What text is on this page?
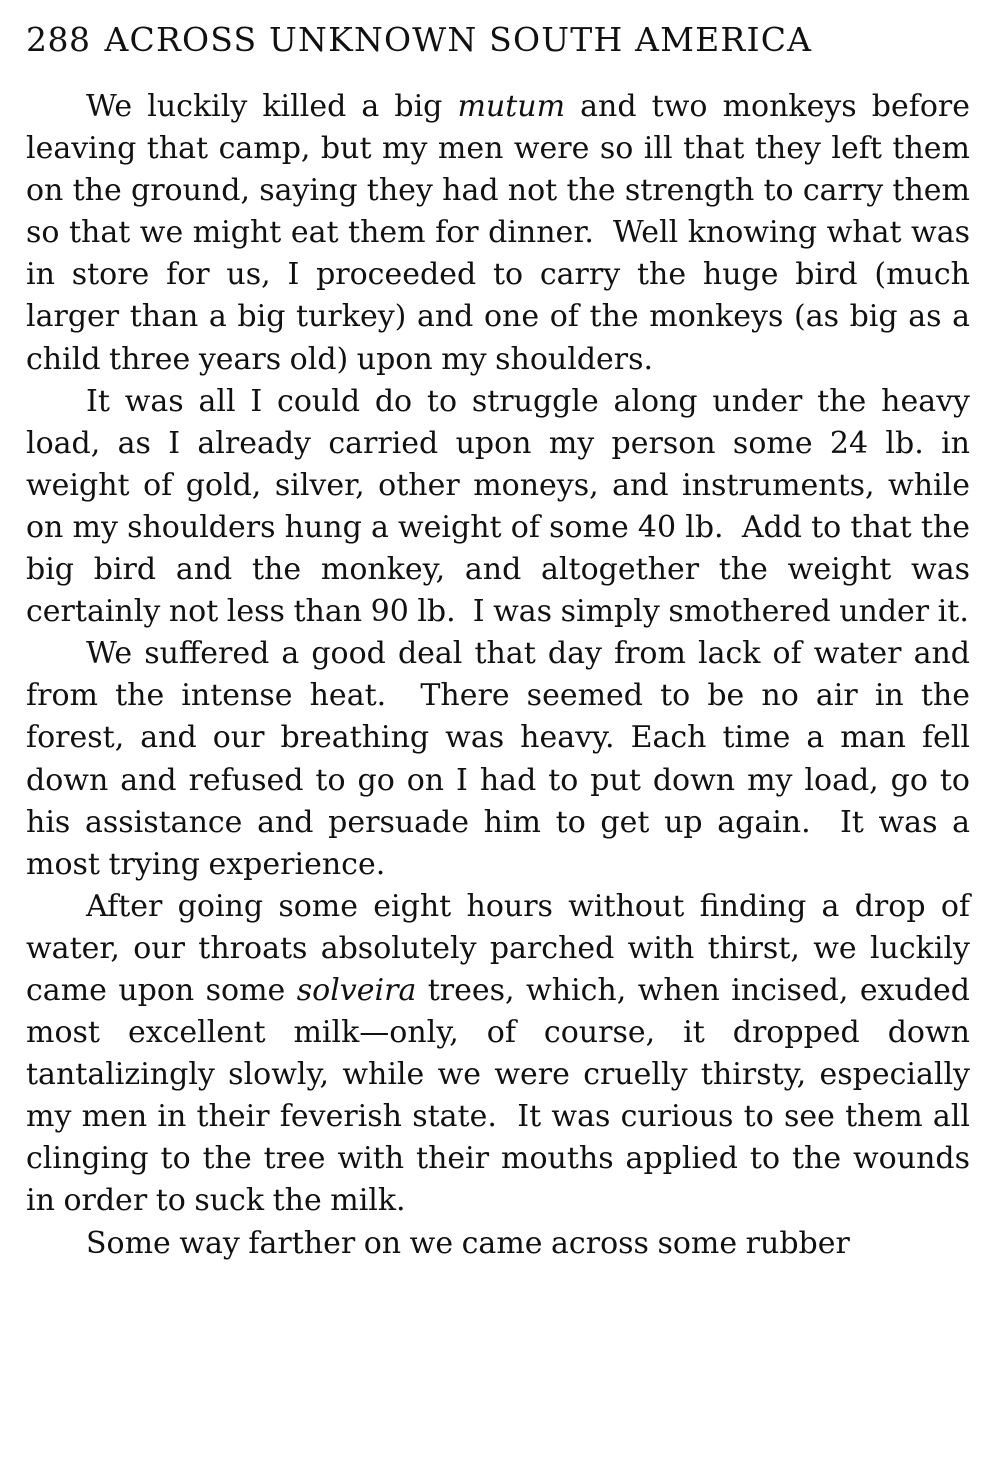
288 ACROSS UNKNOWN SOUTH AMERICA

We luckily killed a big mutum and two monkeys before leaving that camp, but my men were so ill that they left them on the ground, saying they had not the strength to carry them so that we might eat them for dinner.  Well knowing what was in store for us, I proceeded to carry the huge bird (much larger than a big turkey) and one of the monkeys (as big as a child three years old) upon my shoulders.

It was all I could do to struggle along under the heavy load, as I already carried upon my person some 24 lb. in weight of gold, silver, other moneys, and instruments, while on my shoulders hung a weight of some 40 lb.  Add to that the big bird and the monkey, and altogether the weight was certainly not less than 90 lb.  I was simply smothered under it.

We suffered a good deal that day from lack of water and from the intense heat.  There seemed to be no air in the forest, and our breathing was heavy. Each time a man fell down and refused to go on I had to put down my load, go to his assistance and persuade him to get up again.  It was a most trying experience.

After going some eight hours without finding a drop of water, our throats absolutely parched with thirst, we luckily came upon some solveira trees, which, when incised, exuded most excellent milk—only, of course, it dropped down tantalizingly slowly, while we were cruelly thirsty, especially my men in their feverish state.  It was curious to see them all clinging to the tree with their mouths applied to the wounds in order to suck the milk.

Some way farther on we came across some rubber
